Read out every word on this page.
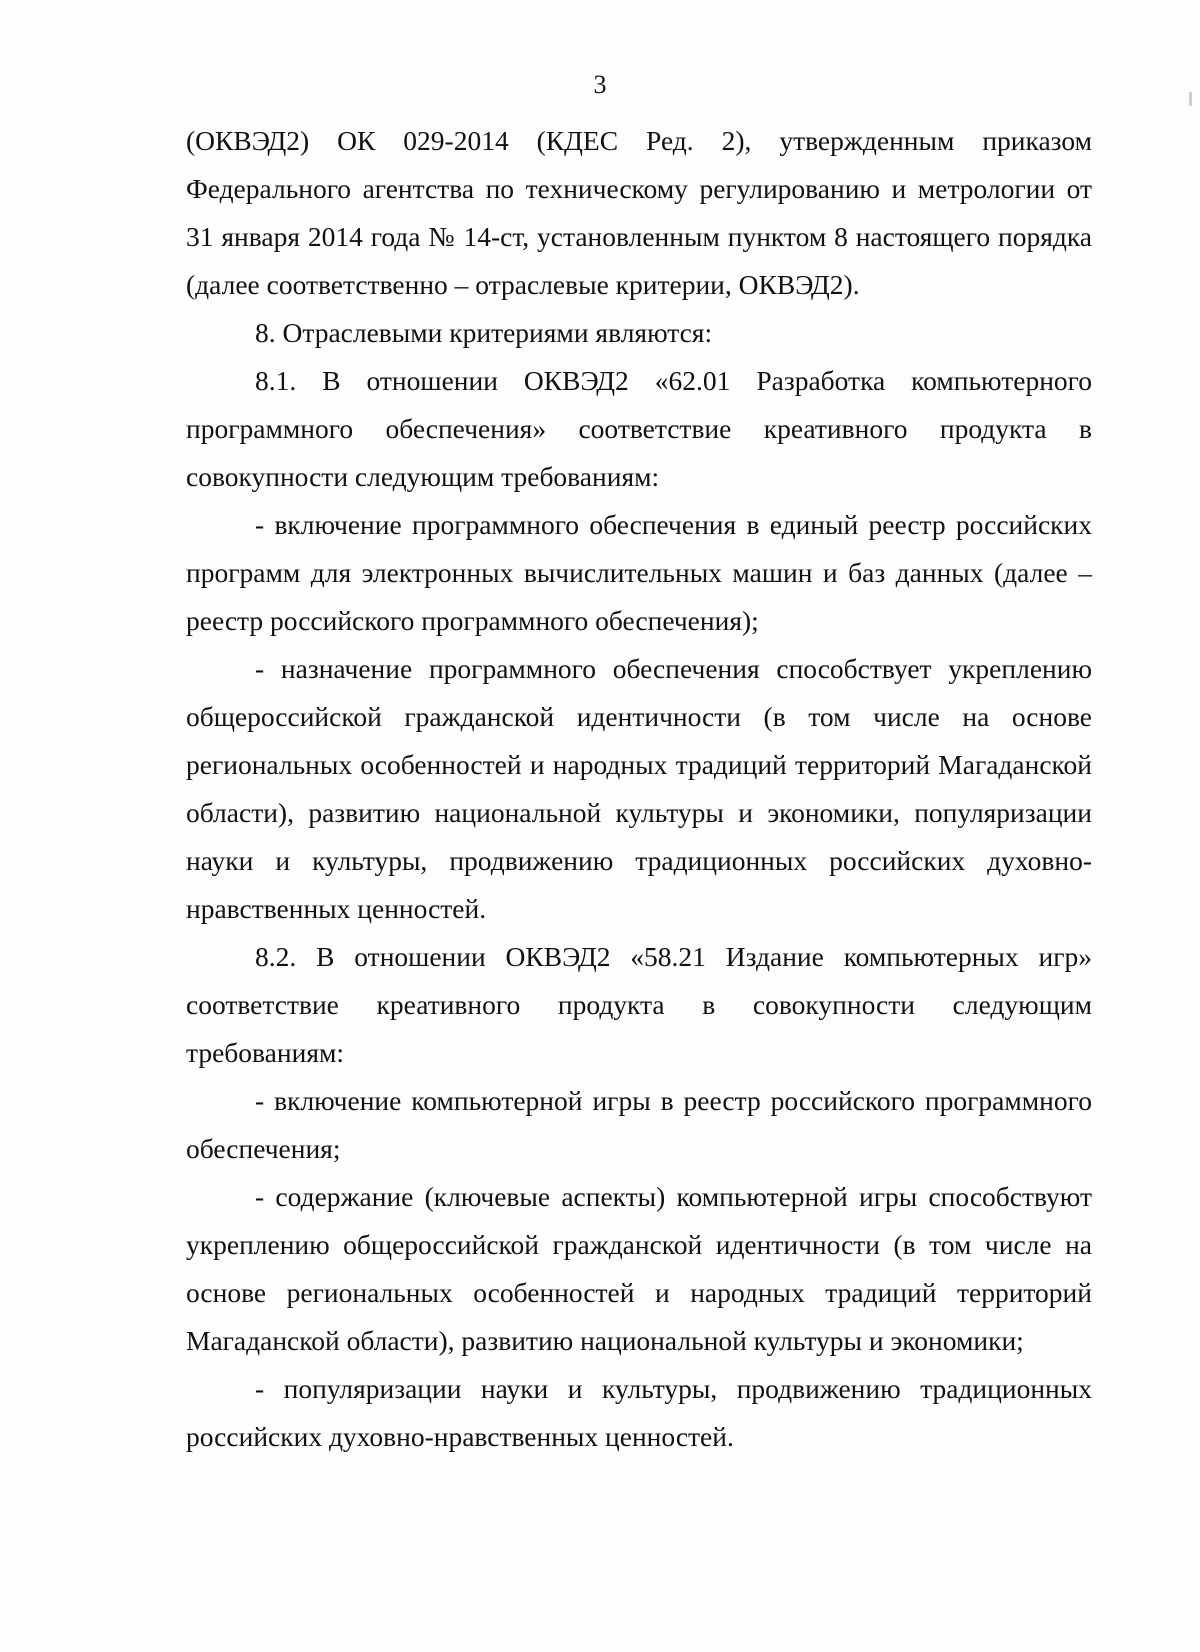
3

(ОКВЭД2) ОК 029-2014 (КДЕС Ред. 2), утвержденным приказом Федерального агентства по техническому регулированию и метрологии от 31 января 2014 года № 14-ст, установленным пунктом 8 настоящего порядка (далее соответственно – отраслевые критерии, ОКВЭД2).

8. Отраслевыми критериями являются:

8.1. В отношении ОКВЭД2 «62.01 Разработка компьютерного программного обеспечения» соответствие креативного продукта в совокупности следующим требованиям:

- включение программного обеспечения в единый реестр российских программ для электронных вычислительных машин и баз данных (далее – реестр российского программного обеспечения);

- назначение программного обеспечения способствует укреплению общероссийской гражданской идентичности (в том числе на основе региональных особенностей и народных традиций территорий Магаданской области), развитию национальной культуры и экономики, популяризации науки и культуры, продвижению традиционных российских духовно-нравственных ценностей.

8.2. В отношении ОКВЭД2 «58.21 Издание компьютерных игр» соответствие креативного продукта в совокупности следующим требованиям:

- включение компьютерной игры в реестр российского программного обеспечения;

- содержание (ключевые аспекты) компьютерной игры способствуют укреплению общероссийской гражданской идентичности (в том числе на основе региональных особенностей и народных традиций территорий Магаданской области), развитию национальной культуры и экономики;

- популяризации науки и культуры, продвижению традиционных российских духовно-нравственных ценностей.
